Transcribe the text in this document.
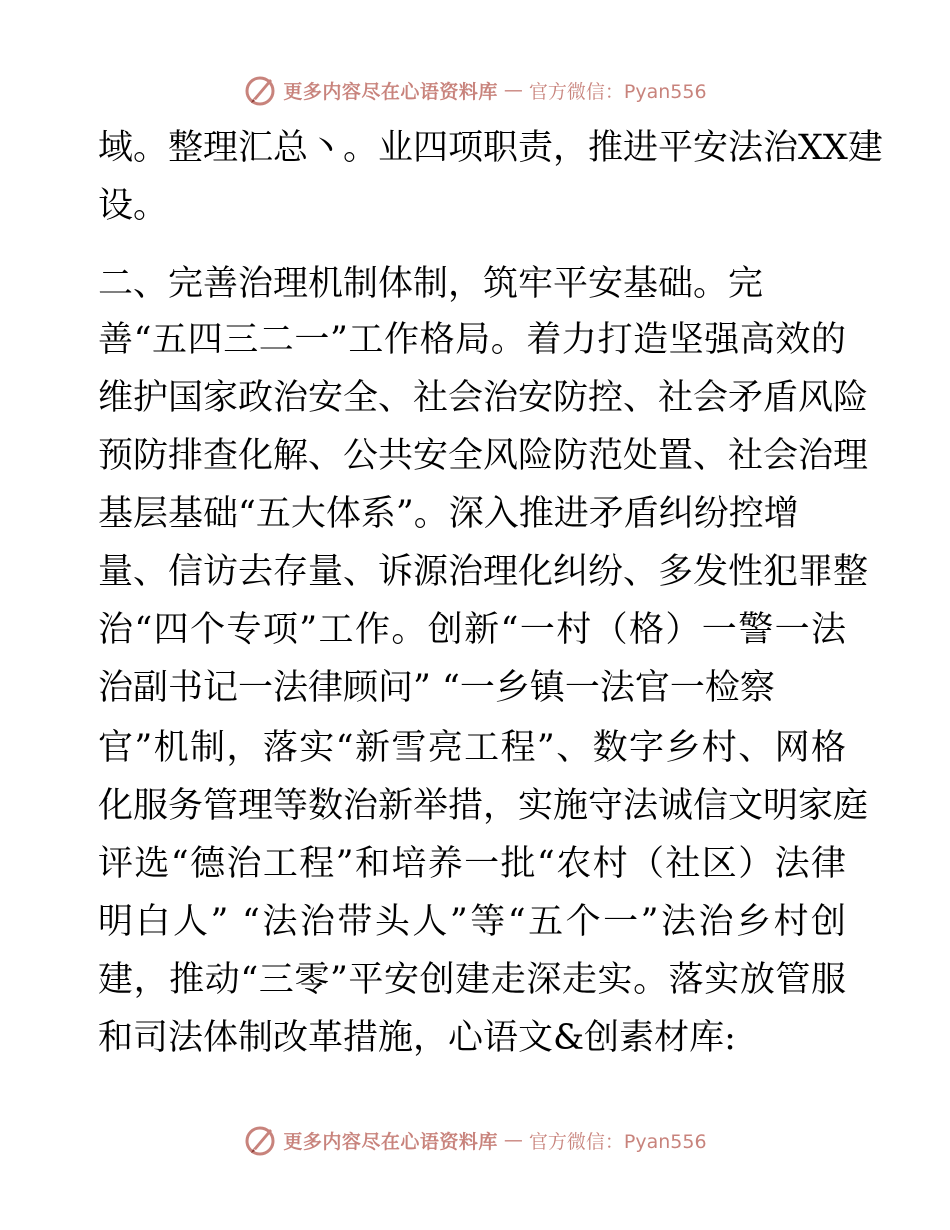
更多内容尽在心语资料库 — 官方微信：Pyan556
域。整理汇总丶。业四项职责，推进平安法治XX建
设。
二、完善治理机制体制，筑牢平安基础。完
善“五四三二一”工作格局。着力打造坚强高效的
维护国家政治安全、社会治安防控、社会矛盾风险
预防排查化解、公共安全风险防范处置、社会治理
基层基础“五大体系”。深入推进矛盾纠纷控增
量、信访去存量、诉源治理化纠纷、多发性犯罪整
治“四个专项”工作。创新“一村（格）一警一法
治副书记一法律顾问” “一乡镇一法官一检察
官”机制，落实“新雪亮工程”、数字乡村、网格
化服务管理等数治新举措，实施守法诚信文明家庭
评选“德治工程”和培养一批“农村（社区）法律
明白人” “法治带头人”等“五个一”法治乡村创
建，推动“三零”平安创建走深走实。落实放管服
和司法体制改革措施，心语文&创素材库:
更多内容尽在心语资料库 — 官方微信：Pyan556
